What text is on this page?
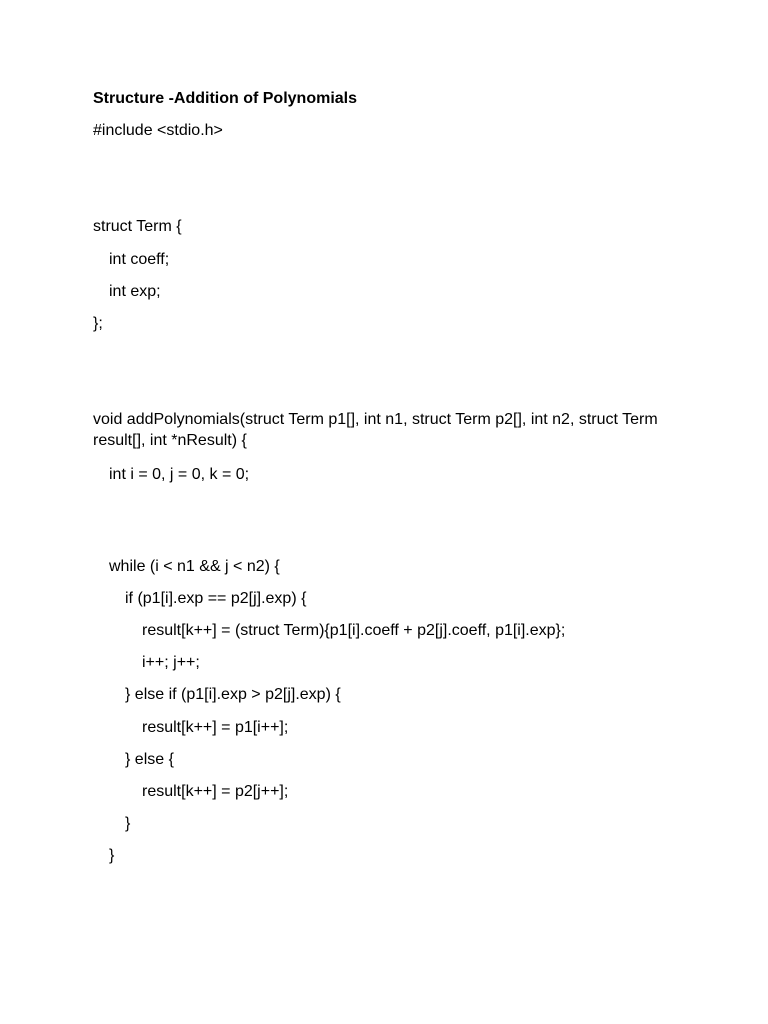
Structure -Addition of Polynomials
#include <stdio.h>
struct Term {
int coeff;
int exp;
};
void addPolynomials(struct Term p1[], int n1, struct Term p2[], int n2, struct Term result[], int *nResult) {
int i = 0, j = 0, k = 0;
while (i < n1 && j < n2) {
if (p1[i].exp == p2[j].exp) {
result[k++] = (struct Term){p1[i].coeff + p2[j].coeff, p1[i].exp};
i++; j++;
} else if (p1[i].exp > p2[j].exp) {
result[k++] = p1[i++];
} else {
result[k++] = p2[j++];
}
}
